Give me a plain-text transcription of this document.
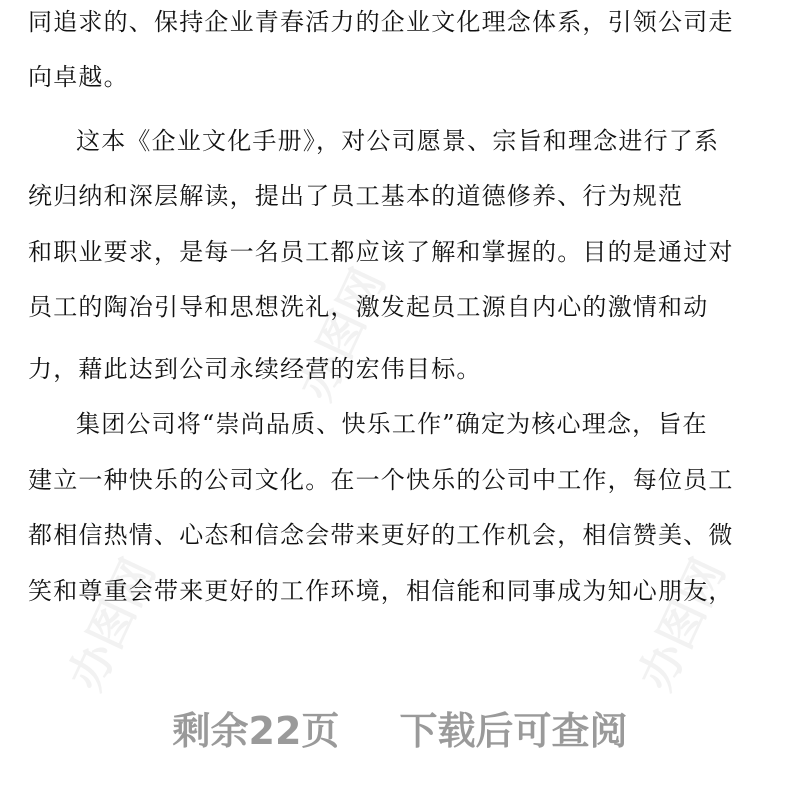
同追求的、保持企业青春活力的企业文化理念体系，引领公司走
向卓越。
这本《企业文化手册》，对公司愿景、宗旨和理念进行了系
统归纳和深层解读，提出了员工基本的道德修养、行为规范
和职业要求，是每一名员工都应该了解和掌握的。目的是通过对
员工的陶冶引导和思想洗礼，激发起员工源自内心的激情和动
力，藉此达到公司永续经营的宏伟目标。
集团公司将“崇尚品质、快乐工作”确定为核心理念，旨在
建立一种快乐的公司文化。在一个快乐的公司中工作，每位员工
都相信热情、心态和信念会带来更好的工作机会，相信赞美、微
笑和尊重会带来更好的工作环境，相信能和同事成为知心朋友，
办图网
办图网	办图网
剩余22页 下载后可查阅
